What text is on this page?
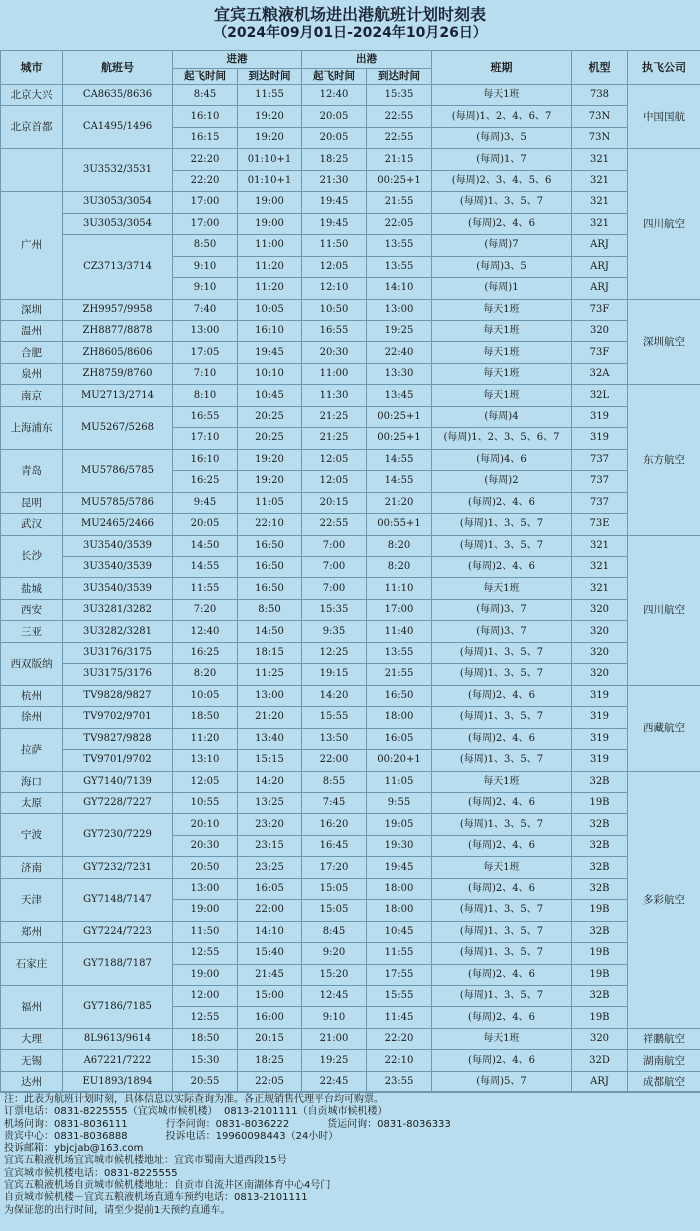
宜宾五粮液机场进出港航班计划时刻表
（2024年09月01日-2024年10月26日）
城市	航班号	进港		出港		班期	机型	执飞公司	
		起飞时间	到达时间	起飞时间	到达时间				
北京大兴	CA8635/8636	8:45	11:55	12:40	15:35	每天1班	738	中国国航	
北京首都	CA1495/1496	16:10	19:20	20:05	22:55	(每周)1、2、4、6、7	73N		
		16:15	19:20	20:05	22:55	(每周)3、5	73N		
	3U3532/3531	22:20	01:10+1	18:25	21:15	(每周)1、7	321	四川航空	
		22:20	01:10+1	21:30	00:25+1	(每周)2、3、4、5、6	321		
广州	3U3053/3054	17:00	19:00	19:45	21:55	(每周)1、3、5、7	321		
	3U3053/3054	17:00	19:00	19:45	22:05	(每周)2、4、6	321		
	CZ3713/3714	8:50	11:00	11:50	13:55	(每周)7	ARJ	
		9:10	11:20	12:05	13:55	(每周)3、5	ARJ		
		9:10	11:20	12:10	14:10	(每周)1	ARJ		
深圳	ZH9957/9958	7:40	10:05	10:50	13:00	每天1班	73F	深圳航空	
温州	ZH8877/8878	13:00	16:10	16:55	19:25	每天1班	320		
合肥	ZH8605/8606	17:05	19:45	20:30	22:40	每天1班	73F		
泉州	ZH8759/8760	7:10	10:10	11:00	13:30	每天1班	32A		
南京	MU2713/2714	8:10	10:45	11:30	13:45	每天1班	32L	东方航空	
上海浦东	MU5267/5268	16:55	20:25	21:25	00:25+1	(每周)4	319		
		17:10	20:25	21:25	00:25+1	(每周)1、2、3、5、6、7	319		
青岛	MU5786/5785	16:10	19:20	12:05	14:55	(每周)4、6	737		
		16:25	19:20	12:05	14:55	(每周)2	737		
昆明	MU5785/5786	9:45	11:05	20:15	21:20	(每周)2、4、6	737		
武汉	MU2465/2466	20:05	22:10	22:55	00:55+1	(每周)1、3、5、7	73E		
长沙	3U3540/3539	14:50	16:50	7:00	8:20	(每周)1、3、5、7	321	四川航空	
	3U3540/3539	14:55	16:50	7:00	8:20	(每周)2、4、6	321		
盐城	3U3540/3539	11:55	16:50	7:00	11:10	每天1班	321		
西安	3U3281/3282	7:20	8:50	15:35	17:00	(每周)3、7	320		
三亚	3U3282/3281	12:40	14:50	9:35	11:40	(每周)3、7	320		
西双版纳	3U3176/3175	16:25	18:15	12:25	13:55	(每周)1、3、5、7	320		
	3U3175/3176	8:20	11:25	19:15	21:55	(每周)1、3、5、7	320		
杭州	TV9828/9827	10:05	13:00	14:20	16:50	(每周)2、4、6	319	西藏航空	
徐州	TV9702/9701	18:50	21:20	15:55	18:00	(每周)1、3、5、7	319		
拉萨	TV9827/9828	11:20	13:40	13:50	16:05	(每周)2、4、6	319		
	TV9701/9702	13:10	15:15	22:00	00:20+1	(每周)1、3、5、7	319		
海口	GY7140/7139	12:05	14:20	8:55	11:05	每天1班	32B	多彩航空	
太原	GY7228/7227	10:55	13:25	7:45	9:55	(每周)2、4、6	19B		
宁波	GY7230/7229	20:10	23:20	16:20	19:05	(每周)1、3、5、7	32B		
		20:30	23:15	16:45	19:30	(每周)2、4、6	32B		
济南	GY7232/7231	20:50	23:25	17:20	19:45	每天1班	32B		
天津	GY7148/7147	13:00	16:05	15:05	18:00	(每周)2、4、6	32B		
		19:00	22:00	15:05	18:00	(每周)1、3、5、7	19B		
郑州	GY7224/7223	11:50	14:10	8:45	10:45	(每周)1、3、5、7	32B		
石家庄	GY7188/7187	12:55	15:40	9:20	11:55	(每周)1、3、5、7	19B		
		19:00	21:45	15:20	17:55	(每周)2、4、6	19B		
福州	GY7186/7185	12:00	15:00	12:45	15:55	(每周)1、3、5、7	32B		
		12:55	16:00	9:10	11:45	(每周)2、4、6	19B		
大理	8L9613/9614	18:50	20:15	21:00	22:20	每天1班	320	祥鹏航空	
无锡	A67221/7222	15:30	18:25	19:25	22:10	(每周)2、4、6	32D	湖南航空	
达州	EU1893/1894	20:55	22:05	22:45	23:55	(每周)5、7	ARJ	成都航空	
注：此表为航班计划时刻，具体信息以实际查询为准。各正规销售代理平台均可购票。
订票电话：0831-8225555（宜宾城市候机楼）  0813-2101111（自贡城市候机楼）
机场问询：0831-8036111	行李问询：0831-8036222	货运问询：0831-8036333
贵宾中心：0831-8036888	投诉电话：19960098443（24小时）
投诉邮箱：ybjcjab@163.com
宜宾五粮液机场宜宾城市候机楼地址：宜宾市蜀南大道西段15号
宜宾城市候机楼电话：0831-8225555
宜宾五粮液机场自贡城市候机楼地址：自贡市自流井区南湖体育中心4号门
自贡城市候机楼－宜宾五粮液机场直通车预约电话：0813-2101111
为保证您的出行时间，请至少提前1天预约直通车。
